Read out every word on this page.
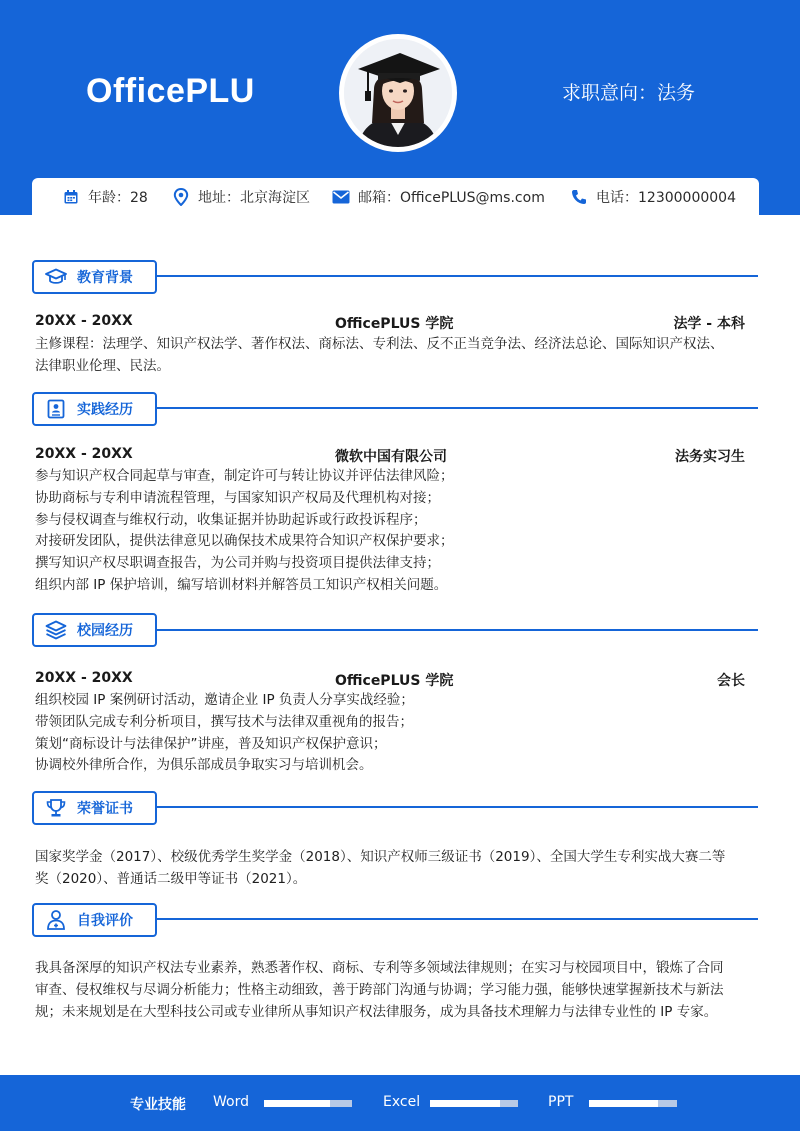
OfficePLU	求职意向：法务
年龄：28	地址：北京海淀区	邮箱：OfficePLUS@ms.com	电话：12300000004
教育背景
20XX - 20XX	OfficePLUS 学院	法学 - 本科
主修课程：法理学、知识产权法学、著作权法、商标法、专利法、反不正当竞争法、经济法总论、国际知识产权法、
法律职业伦理、民法。
实践经历
20XX - 20XX	微软中国有限公司	法务实习生
参与知识产权合同起草与审查，制定许可与转让协议并评估法律风险；
协助商标与专利申请流程管理，与国家知识产权局及代理机构对接；
参与侵权调查与维权行动，收集证据并协助起诉或行政投诉程序；
对接研发团队，提供法律意见以确保技术成果符合知识产权保护要求；
撰写知识产权尽职调查报告，为公司并购与投资项目提供法律支持；
组织内部 IP 保护培训，编写培训材料并解答员工知识产权相关问题。
校园经历
20XX - 20XX	OfficePLUS 学院	会长
组织校园 IP 案例研讨活动，邀请企业 IP 负责人分享实战经验；
带领团队完成专利分析项目，撰写技术与法律双重视角的报告；
策划“商标设计与法律保护”讲座，普及知识产权保护意识；
协调校外律所合作，为俱乐部成员争取实习与培训机会。
荣誉证书
国家奖学金（2017）、校级优秀学生奖学金（2018）、知识产权师三级证书（2019）、全国大学生专利实战大赛二等
奖（2020）、普通话二级甲等证书（2021）。
自我评价
我具备深厚的知识产权法专业素养，熟悉著作权、商标、专利等多领域法律规则；在实习与校园项目中，锻炼了合同
审查、侵权维权与尽调分析能力；性格主动细致，善于跨部门沟通与协调；学习能力强，能够快速掌握新技术与新法
规；未来规划是在大型科技公司或专业律所从事知识产权法律服务，成为具备技术理解力与法律专业性的 IP 专家。
专业技能 Word	Excel	PPT
